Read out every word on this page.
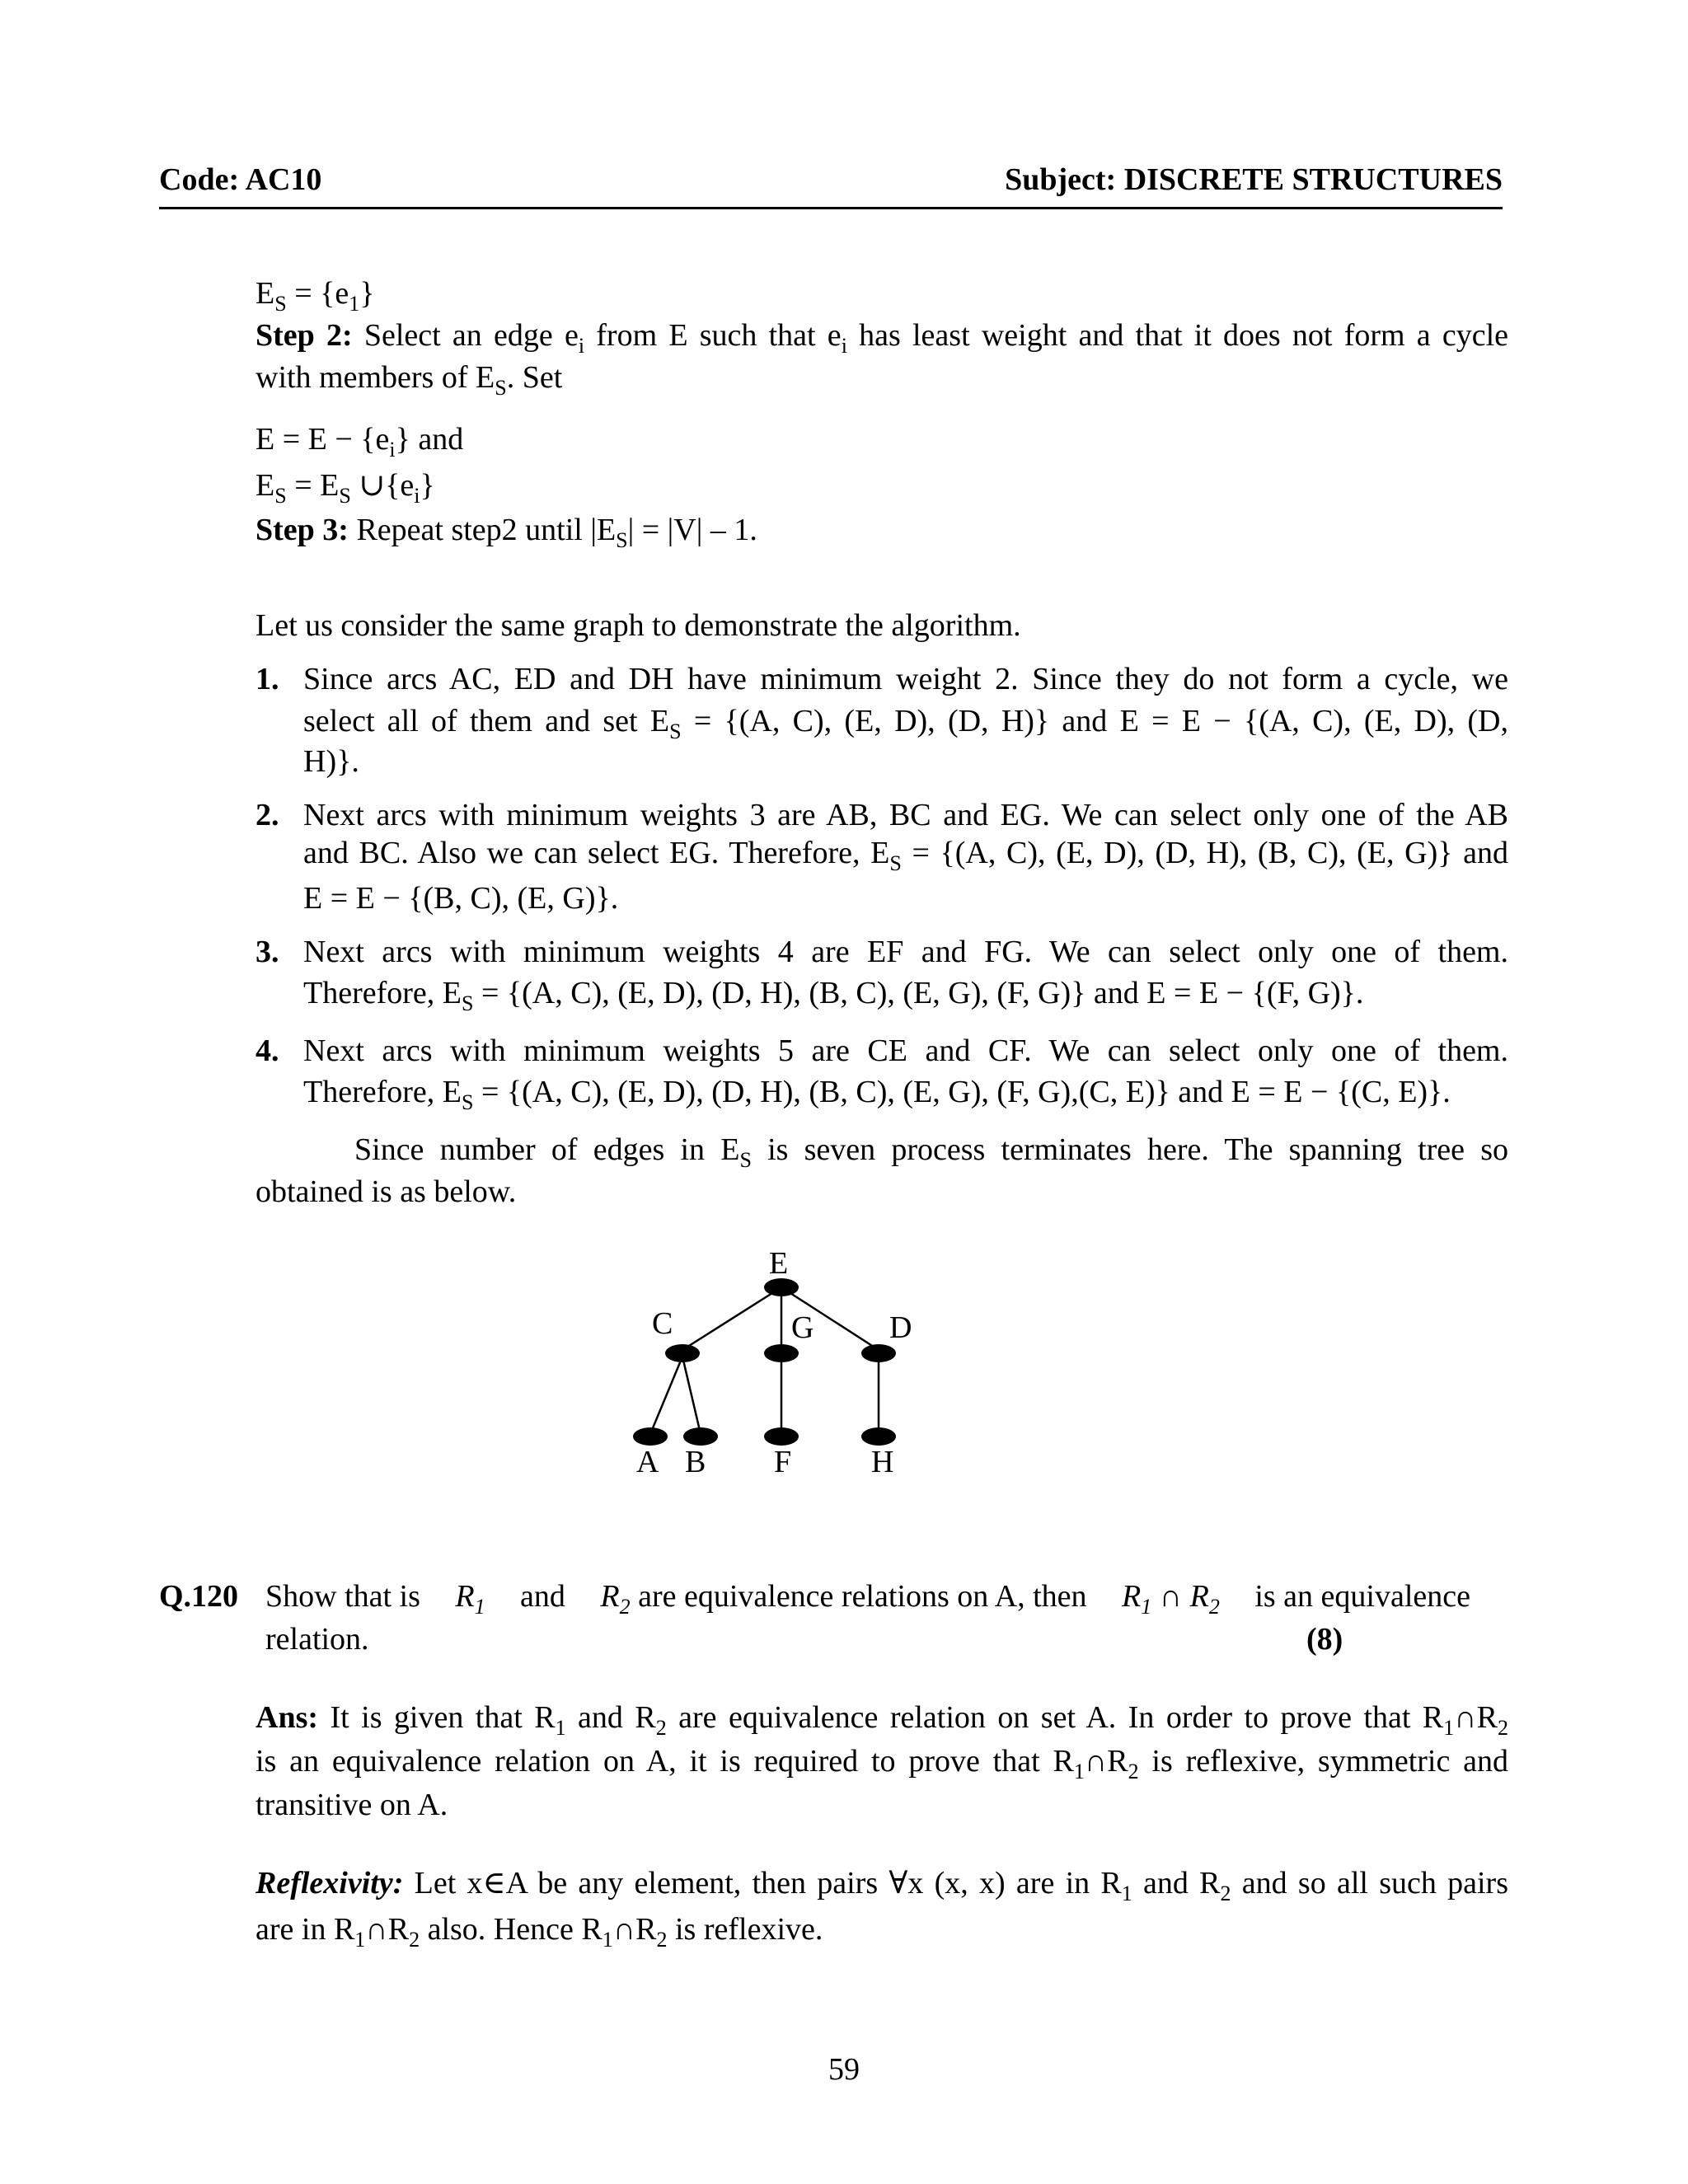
Code: AC10	Subject: DISCRETE STRUCTURES
$E_S = \{e_1\}$
Step 2: Select an edge $e_i$ from E such that $e_i$ has least weight and that it does not form a cycle
with members of $E_S$. Set
$E = E - \{e_i\}$ and
$E_S = E_S$ $\cup\{e_i\}$
Step 3: Repeat step2 until $|E_S| = |V| - 1$.
Let us consider the same graph to demonstrate the algorithm.
1. Since arcs AC, ED and DH have minimum weight 2. Since they do not form a cycle, we
select all of them and set $E_S = \{(A$, C), (E, D), (D, H)} and E = E − {(A, C), (E, D), (D,
H)}.
2. Next arcs with minimum weights 3 are AB, BC and EG. We can select only one of the AB
and BC. Also we can select EG. Therefore, $E_S = \{(A$, C), (E, D), (D, H), (B, C), (E, G)} and
E = E − {(B, C), (E, G)}.
3. Next arcs with minimum weights 4 are EF and FG. We can select only one of them.
Therefore, $E_S = \{(A$, C), (E, D), (D, H), (B, C), (E, G), (F, G)} and E = E − {(F, G)}.
4. Next arcs with minimum weights 5 are CE and CF. We can select only one of them.
Therefore, $E_S = \{(A$, C), (E, D), (D, H), (B, C), (E, G), (F, G),(C, E)} and E = E − {(C, E)}.
Since number of edges in $E_S$ is seven process terminates here. The spanning tree so
obtained is as below.
E
C	G D
A B F	H
Q.120 Show that is $R_1$ and $R_2$ are equivalence relations on A, then $R_1$ ∩ $R_2$ is an equivalence
relation.	(8)
Ans: It is given that $R_1$ and $R_2$ are equivalence relation on set A. In order to prove that $R_1\cap R_2$
is an equivalence relation on A, it is required to prove that $R_1\cap R_2$ is reflexive, symmetric and
transitive on A.
Reflexivity: Let x∈A be any element, then pairs ∀x (x, x) are in $R_1$ and $R_2$ and so all such pairs
are in $R_1\cap R_2$ also. Hence $R_1\cap R_2$ is reflexive.
59
